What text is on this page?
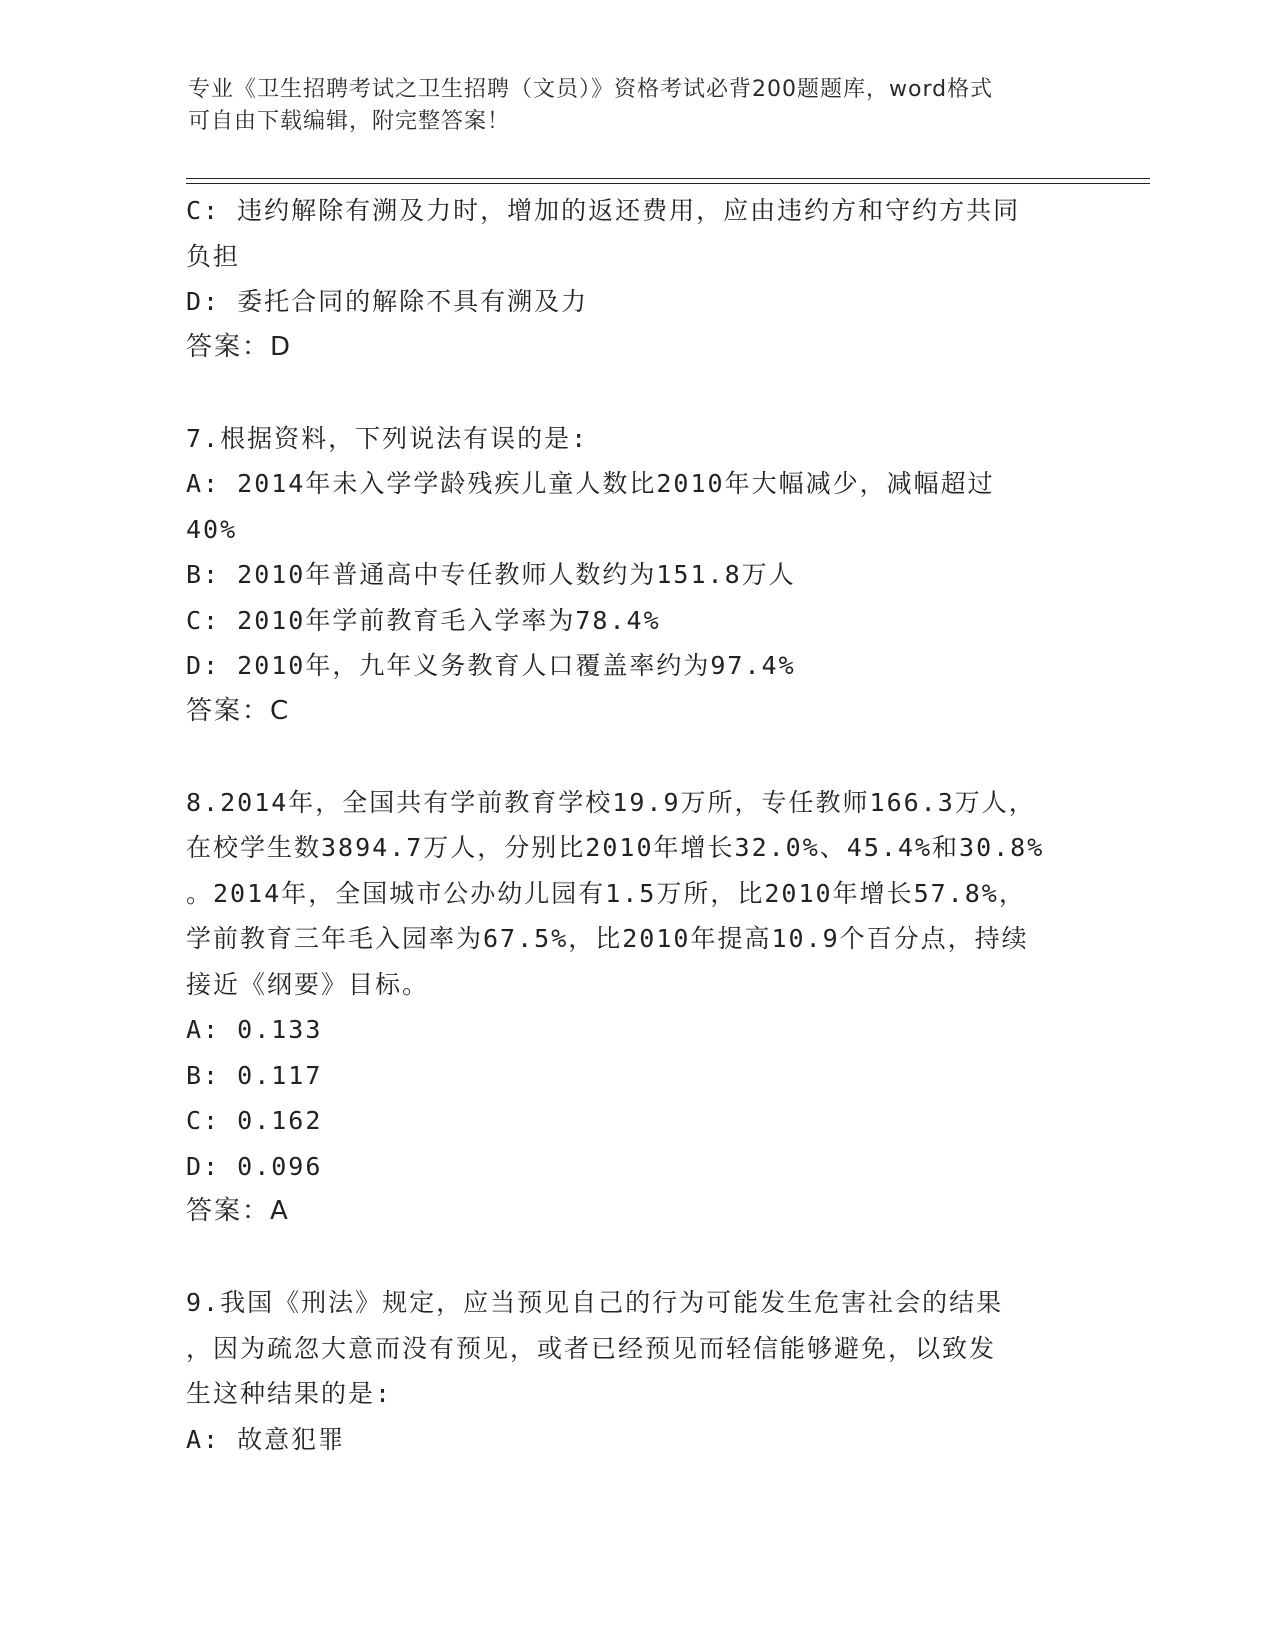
专业《卫生招聘考试之卫生招聘（文员）》资格考试必背200题题库，word格式
可自由下载编辑，附完整答案！
C: 违约解除有溯及力时，增加的返还费用，应由违约方和守约方共同
负担
D: 委托合同的解除不具有溯及力
答案：D
7.根据资料，下列说法有误的是:
A: 2014年未入学学龄残疾儿童人数比2010年大幅减少，减幅超过
40%
B: 2010年普通高中专任教师人数约为151.8万人
C: 2010年学前教育毛入学率为78.4%
D: 2010年，九年义务教育人口覆盖率约为97.4%
答案：C
8.2014年，全国共有学前教育学校19.9万所，专任教师166.3万人，
在校学生数3894.7万人，分别比2010年增长32.0%、45.4%和30.8%
。2014年，全国城市公办幼儿园有1.5万所，比2010年增长57.8%，
学前教育三年毛入园率为67.5%，比2010年提高10.9个百分点，持续
接近《纲要》目标。
A: 0.133
B: 0.117
C: 0.162
D: 0.096
答案：A
9.我国《刑法》规定，应当预见自己的行为可能发生危害社会的结果
，因为疏忽大意而没有预见，或者已经预见而轻信能够避免，以致发
生这种结果的是:
A: 故意犯罪
